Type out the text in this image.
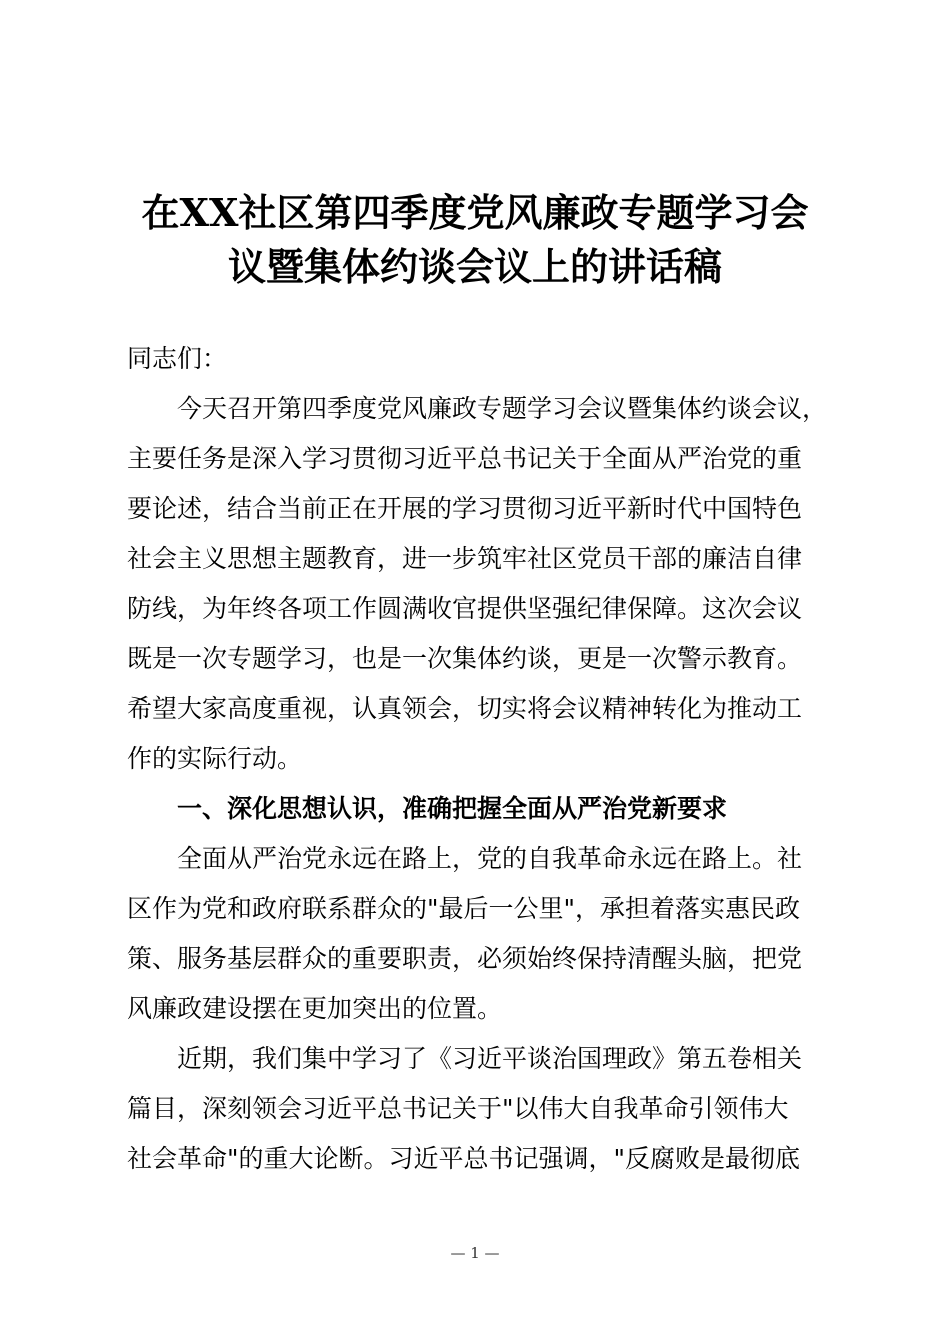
在XX社区第四季度党风廉政专题学习会
议暨集体约谈会议上的讲话稿

同志们：

今天召开第四季度党风廉政专题学习会议暨集体约谈会议，
主要任务是深入学习贯彻习近平总书记关于全面从严治党的重
要论述，结合当前正在开展的学习贯彻习近平新时代中国特色
社会主义思想主题教育，进一步筑牢社区党员干部的廉洁自律
防线，为年终各项工作圆满收官提供坚强纪律保障。这次会议
既是一次专题学习，也是一次集体约谈，更是一次警示教育。
希望大家高度重视，认真领会，切实将会议精神转化为推动工
作的实际行动。

一、深化思想认识，准确把握全面从严治党新要求

全面从严治党永远在路上，党的自我革命永远在路上。社
区作为党和政府联系群众的"最后一公里"，承担着落实惠民政
策、服务基层群众的重要职责，必须始终保持清醒头脑，把党
风廉政建设摆在更加突出的位置。

近期，我们集中学习了《习近平谈治国理政》第五卷相关
篇目，深刻领会习近平总书记关于"以伟大自我革命引领伟大
社会革命"的重大论断。习近平总书记强调，"反腐败是最彻底

— 1 —
